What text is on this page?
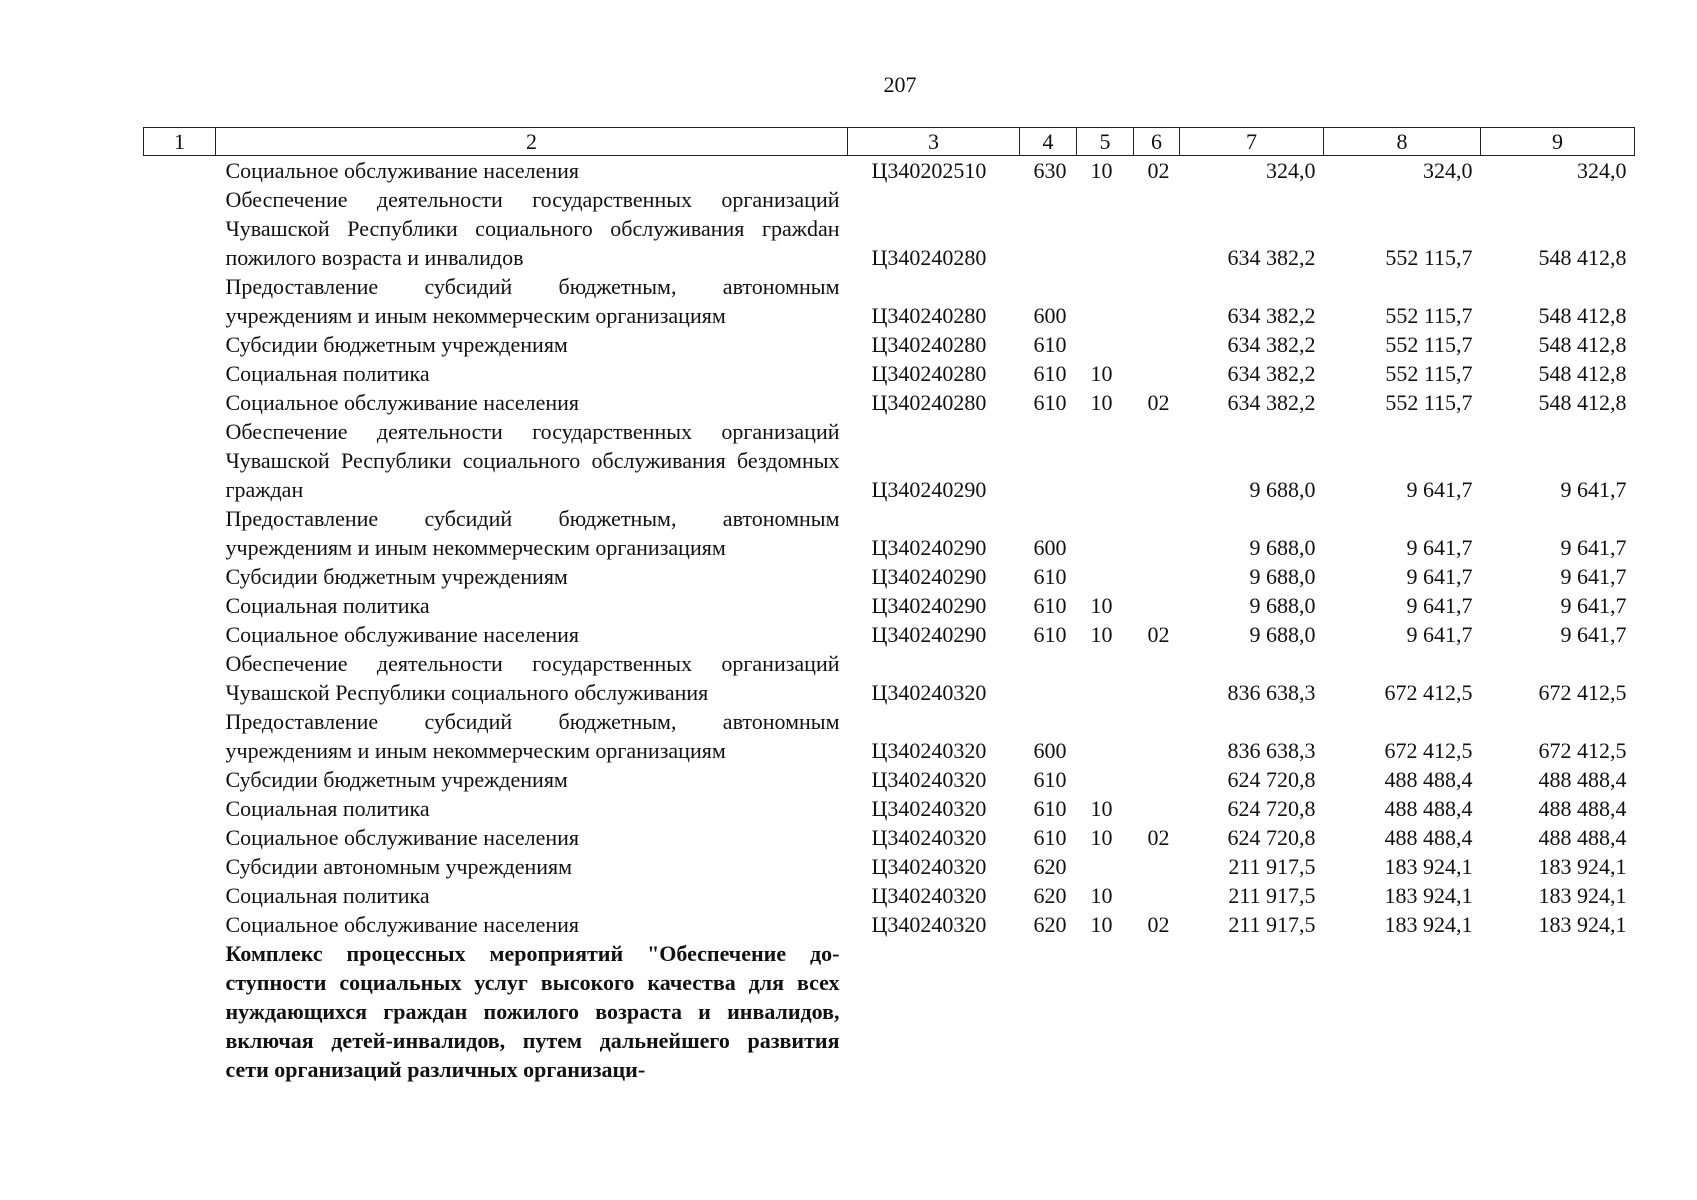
207
1	2	3	4	5	6	7	8	9
	Социальное обслуживание населения	Ц340202510	630	10	02	324,0	324,0	324,0
	Обеспечение деятельности государственных организаций Чувашской Республики социального обслуживания гражdан пожилого возраста и инвалидов	Ц340240280				634 382,2	552 115,7	548 412,8
	Предоставление субсидий бюджетным, автономным учреждениям и иным некоммерческим организациям	Ц340240280	600			634 382,2	552 115,7	548 412,8
	Субсидии бюджетным учреждениям	Ц340240280	610			634 382,2	552 115,7	548 412,8
	Социальная политика	Ц340240280	610	10		634 382,2	552 115,7	548 412,8
	Социальное обслуживание населения	Ц340240280	610	10	02	634 382,2	552 115,7	548 412,8
	Обеспечение деятельности государственных организаций Чувашской Республики социального обслуживания бездомных граждан	Ц340240290				9 688,0	9 641,7	9 641,7
	Предоставление субсидий бюджетным, автономным учреждениям и иным некоммерческим организациям	Ц340240290	600			9 688,0	9 641,7	9 641,7
	Субсидии бюджетным учреждениям	Ц340240290	610			9 688,0	9 641,7	9 641,7
	Социальная политика	Ц340240290	610	10		9 688,0	9 641,7	9 641,7
	Социальное обслуживание населения	Ц340240290	610	10	02	9 688,0	9 641,7	9 641,7
	Обеспечение деятельности государственных организаций Чувашской Республики социального обслуживания	Ц340240320				836 638,3	672 412,5	672 412,5
	Предоставление субсидий бюджетным, автономным учреждениям и иным некоммерческим организациям	Ц340240320	600			836 638,3	672 412,5	672 412,5
	Субсидии бюджетным учреждениям	Ц340240320	610			624 720,8	488 488,4	488 488,4
	Социальная политика	Ц340240320	610	10		624 720,8	488 488,4	488 488,4
	Социальное обслуживание населения	Ц340240320	610	10	02	624 720,8	488 488,4	488 488,4
	Субсидии автономным учреждениям	Ц340240320	620			211 917,5	183 924,1	183 924,1
	Социальная политика	Ц340240320	620	10		211 917,5	183 924,1	183 924,1
	Социальное обслуживание населения	Ц340240320	620	10	02	211 917,5	183 924,1	183 924,1
	Комплекс процессных мероприятий "Обеспечение доступности социальных услуг высокого качества для всех нуждающихся граждан пожилого возраста и инвалидов, включая детей-инвалидов, путем дальнейшего развития сети организаций различных организаци-							
